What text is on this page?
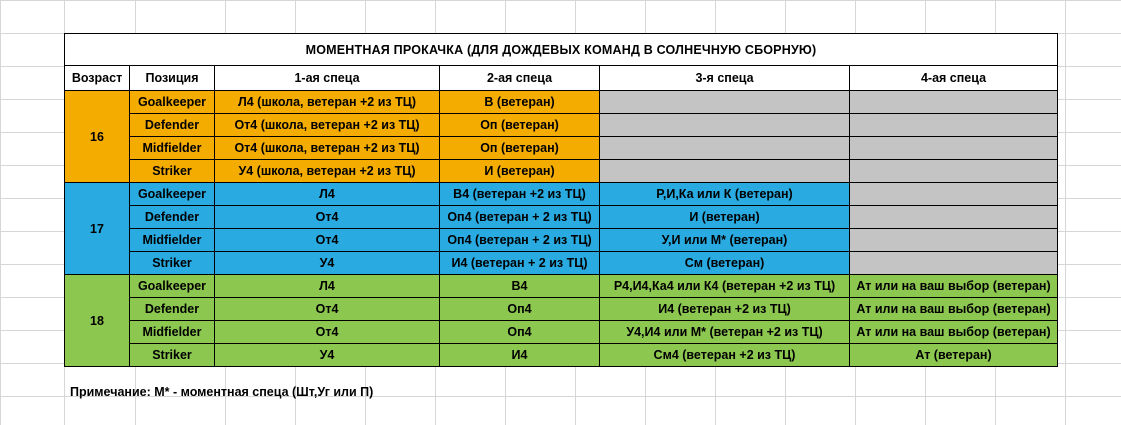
МОМЕНТНАЯ ПРОКАЧКА (ДЛЯ ДОЖДЕВЫХ КОМАНД В СОЛНЕЧНУЮ СБОРНУЮ)					
Возраст	Позиция	1-ая спеца	2-ая спеца	3-я спеца	4-ая спеца
16	Goalkeeper	Л4 (школа, ветеран +2 из ТЦ)	В (ветеран)		
	Defender	От4 (школа, ветеран +2 из ТЦ)	Оп (ветеран)		
	Midfielder	От4 (школа, ветеран +2 из ТЦ)	Оп (ветеран)		
	Striker	У4 (школа, ветеран +2 из ТЦ)	И (ветеран)		
17	Goalkeeper	Л4	В4 (ветеран +2 из ТЦ)	Р,И,Ка или К (ветеран)	
	Defender	От4	Оп4 (ветеран + 2 из ТЦ)	И (ветеран)	
	Midfielder	От4	Оп4 (ветеран + 2 из ТЦ)	У,И или М* (ветеран)	
	Striker	У4	И4 (ветеран + 2 из ТЦ)	См (ветеран)	
18	Goalkeeper	Л4	В4	Р4,И4,Ка4 или К4 (ветеран +2 из ТЦ)	Ат или на ваш выбор (ветеран)
	Defender	От4	Оп4	И4 (ветеран +2 из ТЦ)	Ат или на ваш выбор (ветеран)
	Midfielder	От4	Оп4	У4,И4 или М* (ветеран +2 из ТЦ)	Ат или на ваш выбор (ветеран)
	Striker	У4	И4	См4 (ветеран +2 из ТЦ)	Ат (ветеран)
Примечание: М* - моментная спеца (Шт,Уг или П)
